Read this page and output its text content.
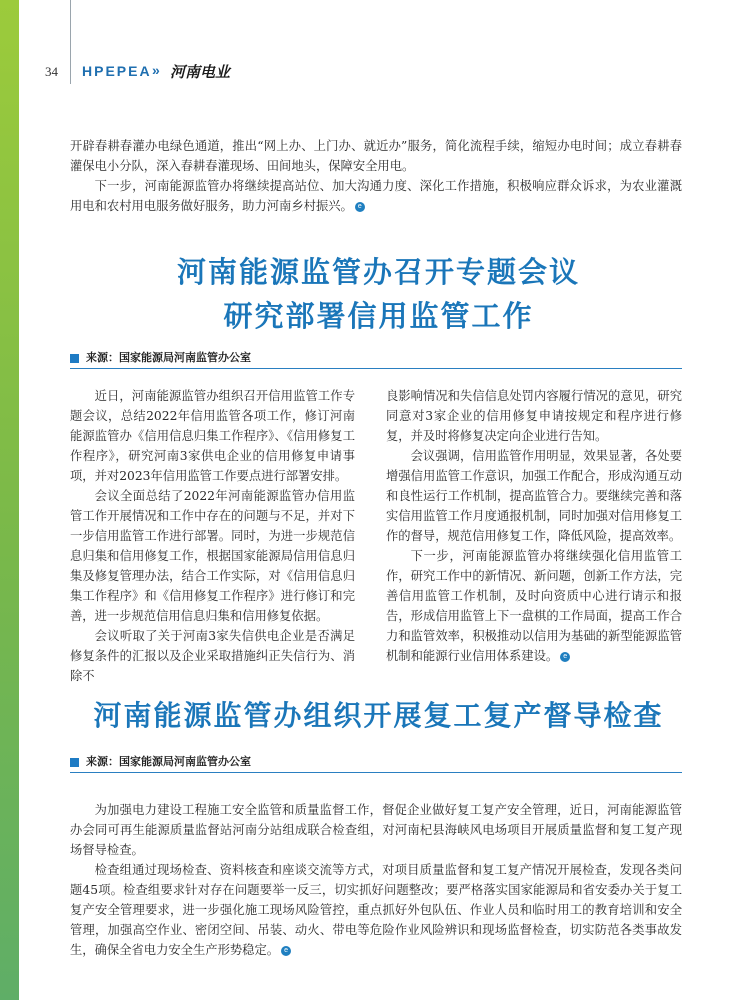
34 HPEPEA » 河南电业

开辟春耕春灌办电绿色通道，推出“网上办、上门办、就近办”服务，简化流程手续，缩短办电时间；成立春耕春灌保电小分队，深入春耕春灌现场、田间地头，保障安全用电。

下一步，河南能源监管办将继续提高站位、加大沟通力度、深化工作措施，积极响应群众诉求，为农业灌溉用电和农村用电服务做好服务，助力河南乡村振兴。 e

河南能源监管办召开专题会议
研究部署信用监管工作
来源：国家能源局河南监管办公室

近日，河南能源监管办组织召开信用监管工作专题会议，总结2022年信用监管各项工作，修订河南能源监管办《信用信息归集工作程序》、《信用修复工作程序》，研究河南3家供电企业的信用修复申请事项，并对2023年信用监管工作要点进行部署安排。

会议全面总结了2022年河南能源监管办信用监管工作开展情况和工作中存在的问题与不足，并对下一步信用监管工作进行部署。同时，为进一步规范信息归集和信用修复工作，根据国家能源局信用信息归集及修复管理办法，结合工作实际，对《信用信息归集工作程序》和《信用修复工作程序》进行修订和完善，进一步规范信用信息归集和信用修复依据。

会议听取了关于河南3家失信供电企业是否满足修复条件的汇报以及企业采取措施纠正失信行为、消除不

良影响情况和失信信息处罚内容履行情况的意见，研究同意对3家企业的信用修复申请按规定和程序进行修复，并及时将修复决定向企业进行告知。

会议强调，信用监管作用明显，效果显著，各处要增强信用监管工作意识，加强工作配合，形成沟通互动和良性运行工作机制，提高监管合力。要继续完善和落实信用监管工作月度通报机制，同时加强对信用修复工作的督导，规范信用修复工作，降低风险，提高效率。

下一步，河南能源监管办将继续强化信用监管工作，研究工作中的新情况、新问题，创新工作方法，完善信用监管工作机制，及时向资质中心进行请示和报告，形成信用监管上下一盘棋的工作局面，提高工作合力和监管效率，积极推动以信用为基础的新型能源监管机制和能源行业信用体系建设。 e

河南能源监管办组织开展复工复产督导检查
来源：国家能源局河南监管办公室

为加强电力建设工程施工安全监管和质量监督工作，督促企业做好复工复产安全管理，近日，河南能源监管办会同可再生能源质量监督站河南分站组成联合检查组，对河南杞县海峡风电场项目开展质量监督和复工复产现场督导检查。

检查组通过现场检查、资料核查和座谈交流等方式，对项目质量监督和复工复产情况开展检查，发现各类问题45项。检查组要求针对存在问题要举一反三，切实抓好问题整改；要严格落实国家能源局和省安委办关于复工复产安全管理要求，进一步强化施工现场风险管控，重点抓好外包队伍、作业人员和临时用工的教育培训和安全管理，加强高空作业、密闭空间、吊装、动火、带电等危险作业风险辨识和现场监督检查，切实防范各类事故发生，确保全省电力安全生产形势稳定。 e
